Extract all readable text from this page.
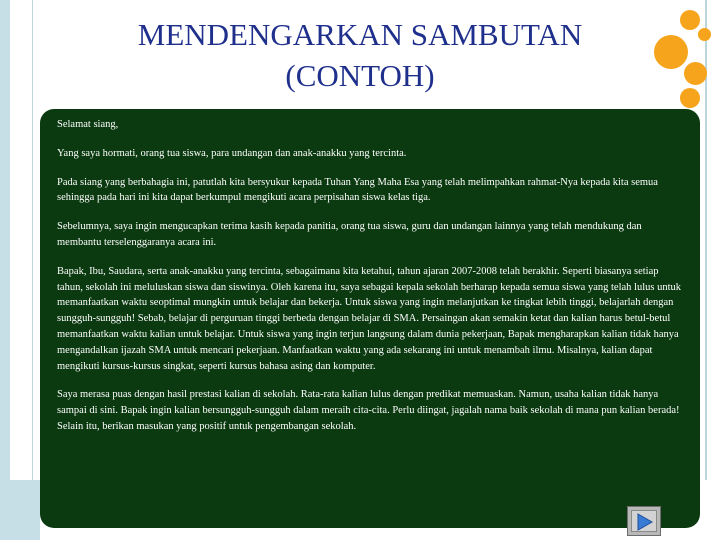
MENDENGARKAN SAMBUTAN
(CONTOH)

Selamat siang,

Yang saya hormati, orang tua siswa, para undangan dan anak-anakku yang tercinta.

Pada siang yang berbahagia ini, patutlah kita bersyukur kepada Tuhan Yang Maha Esa yang telah melimpahkan rahmat-Nya kepada kita semua sehingga pada hari ini kita dapat berkumpul mengikuti acara perpisahan siswa kelas tiga.

Sebelumnya, saya ingin mengucapkan terima kasih kepada panitia, orang tua siswa, guru dan undangan lainnya yang telah mendukung dan membantu terselenggaranya acara ini.

Bapak, Ibu, Saudara, serta anak-anakku yang tercinta, sebagaimana kita ketahui, tahun ajaran 2007-2008 telah berakhir. Seperti biasanya setiap tahun, sekolah ini meluluskan siswa dan siswinya. Oleh karena itu, saya sebagai kepala sekolah berharap kepada semua siswa yang telah lulus untuk memanfaatkan waktu seoptimal mungkin untuk belajar dan bekerja. Untuk siswa yang ingin melanjutkan ke tingkat lebih tinggi, belajarlah dengan sungguh-sungguh! Sebab, belajar di perguruan tinggi berbeda dengan belajar di SMA. Persaingan akan semakin ketat dan kalian harus betul-betul memanfaatkan waktu kalian untuk belajar. Untuk siswa yang ingin terjun langsung dalam dunia pekerjaan, Bapak mengharapkan kalian tidak hanya mengandalkan ijazah SMA untuk mencari pekerjaan. Manfaatkan waktu yang ada sekarang ini untuk menambah ilmu. Misalnya, kalian dapat mengikuti kursus-kursus singkat, seperti kursus bahasa asing dan komputer.

Saya merasa puas dengan hasil prestasi kalian di sekolah. Rata-rata kalian lulus dengan predikat memuaskan. Namun, usaha kalian tidak hanya sampai di sini. Bapak ingin kalian bersungguh-sungguh dalam meraih cita-cita. Perlu diingat, jagalah nama baik sekolah di mana pun kalian berada! Selain itu, berikan masukan yang positif untuk pengembangan sekolah.
